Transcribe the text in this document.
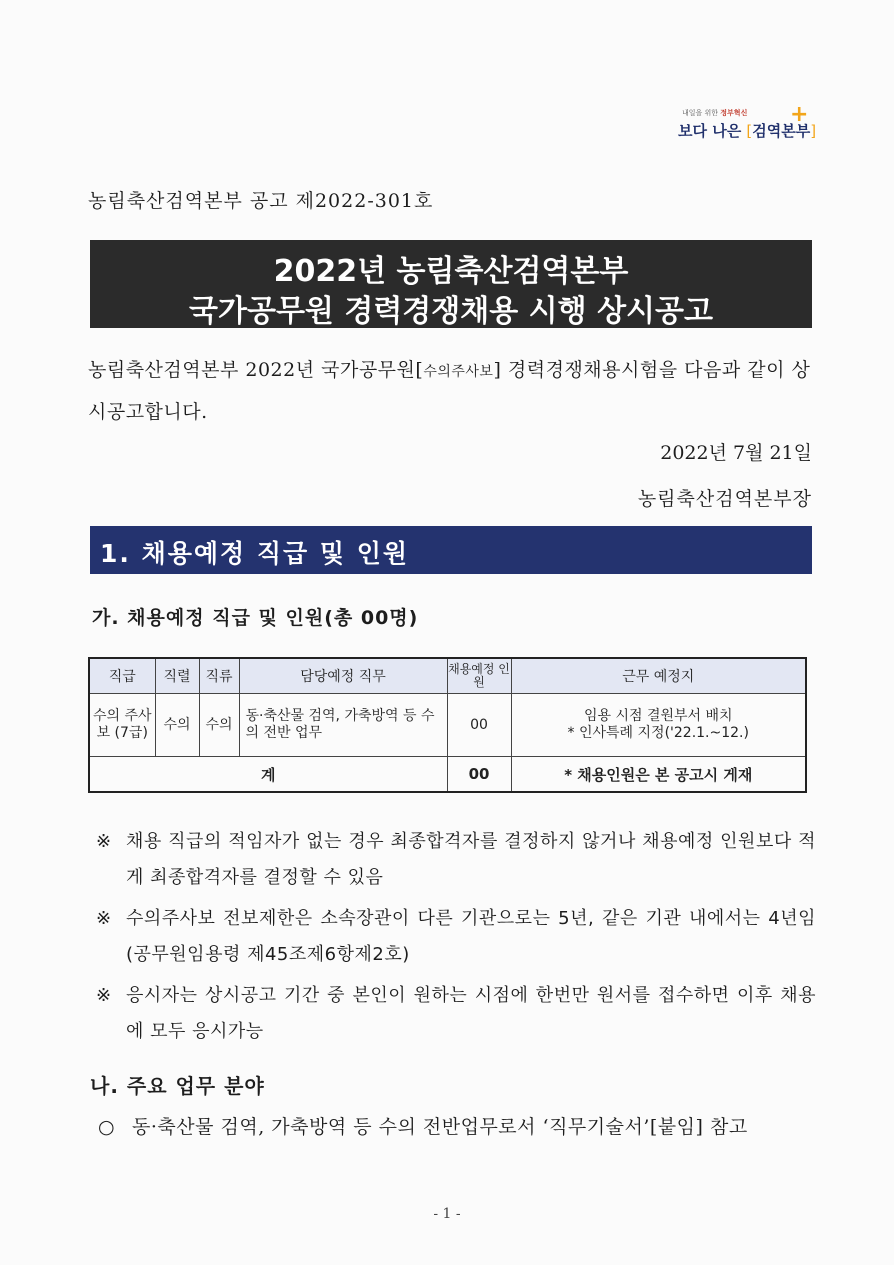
내일을 위한 정부혁신
보다 나은 [검역본부]
+
농림축산검역본부 공고 제2022-301호
2022년 농림축산검역본부
국가공무원 경력경쟁채용 시행 상시공고
농림축산검역본부 2022년 국가공무원[수의주사보] 경력경쟁채용시험을 다음과 같이 상시공고합니다.
2022년 7월 21일
농림축산검역본부장
1. 채용예정 직급 및 인원
가. 채용예정 직급 및 인원(총 00명)
직급	직렬	직류	담당예정 직무	채용예정 인원	근무 예정지
수의 주사보 (7급)	수의	수의	동·축산물 검역, 가축방역 등 수의 전반 업무	00	임용 시점 결원부서 배치
* 인사특례 지정('22.1.~12.)

계				00	* 채용인원은 본 공고시 게재
※ 채용 직급의 적임자가 없는 경우 최종합격자를 결정하지 않거나 채용예정 인원보다 적게 최종합격자를 결정할 수 있음
※ 수의주사보 전보제한은 소속장관이 다른 기관으로는 5년, 같은 기관 내에서는 4년임(공무원임용령 제45조제6항제2호)
※ 응시자는 상시공고 기간 중 본인이 원하는 시점에 한번만 원서를 접수하면 이후 채용에 모두 응시가능
나. 주요 업무 분야
○ 동·축산물 검역, 가축방역 등 수의 전반업무로서 ‘직무기술서’[붙임] 참고
- 1 -
